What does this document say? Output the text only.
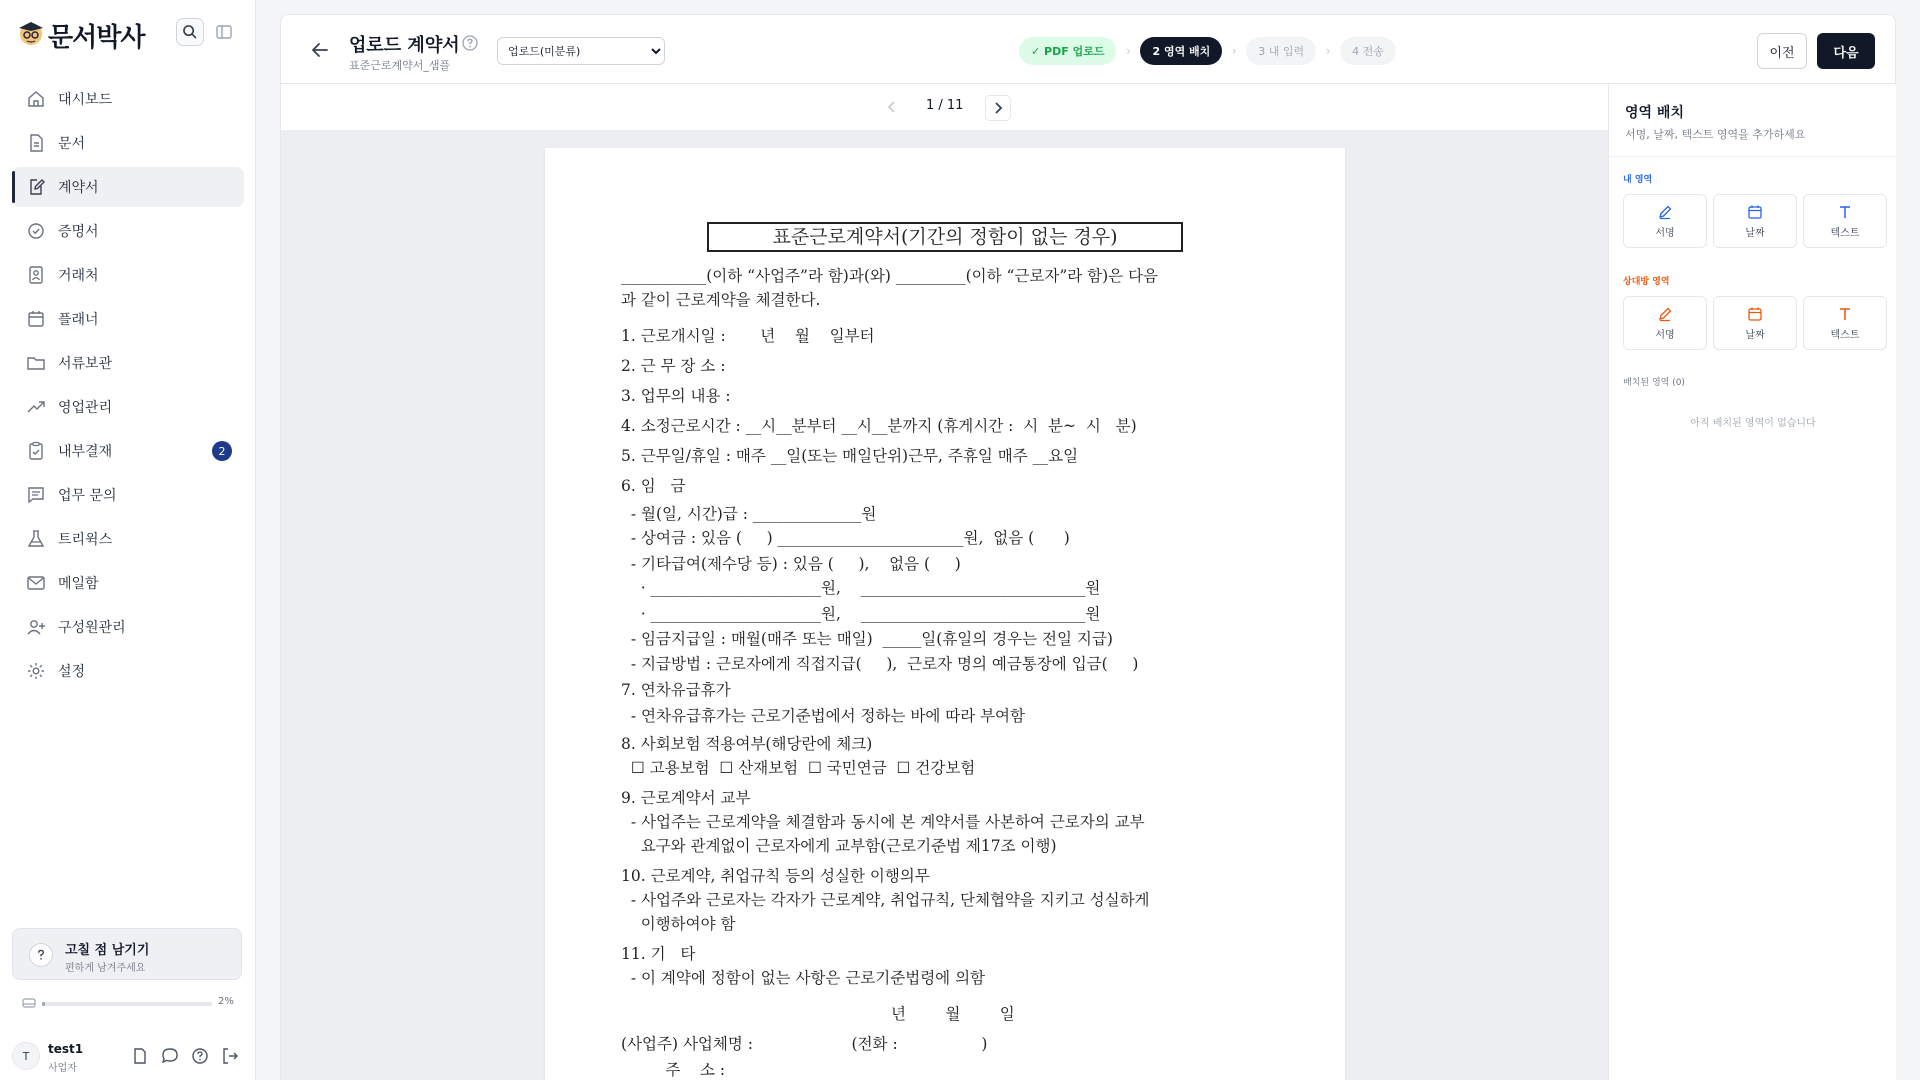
문서박사
대시보드
문서
계약서
증명서
거래처
플래너
서류보관
영업관리
내부결재	2
업무 문의
트리윅스
메일함
구성원관리
설정
고칠 점 남기기
편하게 남겨주세요
2%
T	test1
사업자
업로드 계약서
표준근로계약서_샘플
업로드(미분류)
✓ PDF 업로드	›	2 영역 배치	›	3 내 입력	›	4 전송	이전	다음
1 / 11
표준근로계약서(기간의 정함이 없는 경우)
___________(이하 “사업주”라 함)과(와) _________(이하 “근로자”라 함)은 다음
과 같이 근로계약을 체결한다.
1. 근로개시일 :       년    월    일부터
2. 근 무 장 소 :
3. 업무의 내용 :
4. 소정근로시간 : __시__분부터 __시__분까지 (휴게시간 :  시  분~  시   분)
5. 근무일/휴일 : 매주 __일(또는 매일단위)근무, 주휴일 매주 __요일
6. 임   금
- 월(일, 시간)급 : ______________원
- 상여금 : 있음 (     ) ________________________원,  없음 (      )
- 기타급여(제수당 등) : 있음 (     ),    없음 (     )
· ______________________원,    _____________________________원
· ______________________원,    _____________________________원
- 임금지급일 : 매월(매주 또는 매일)  _____일(휴일의 경우는 전일 지급)
- 지급방법 : 근로자에게 직접지급(     ),  근로자 명의 예금통장에 입금(     )
7. 연차유급휴가
- 연차유급휴가는 근로기준법에서 정하는 바에 따라 부여함
8. 사회보험 적용여부(해당란에 체크)
☐ 고용보험  ☐ 산재보험  ☐ 국민연금  ☐ 건강보험
9. 근로계약서 교부
- 사업주는 근로계약을 체결함과 동시에 본 계약서를 사본하여 근로자의 교부
요구와 관계없이 근로자에게 교부함(근로기준법 제17조 이행)
10. 근로계약, 취업규칙 등의 성실한 이행의무
- 사업주와 근로자는 각자가 근로계약, 취업규칙, 단체협약을 지키고 성실하게
이행하여야 함
11. 기   타
- 이 계약에 정함이 없는 사항은 근로기준법령에 의함
년        월        일
(사업주) 사업체명 :                    (전화 :                 )
주    소 :
영역 배치
서명, 날짜, 텍스트 영역을 추가하세요
내 영역
서명	날짜	텍스트
상대방 영역
서명	날짜	텍스트
배치된 영역 (0)
아직 배치된 영역이 없습니다
